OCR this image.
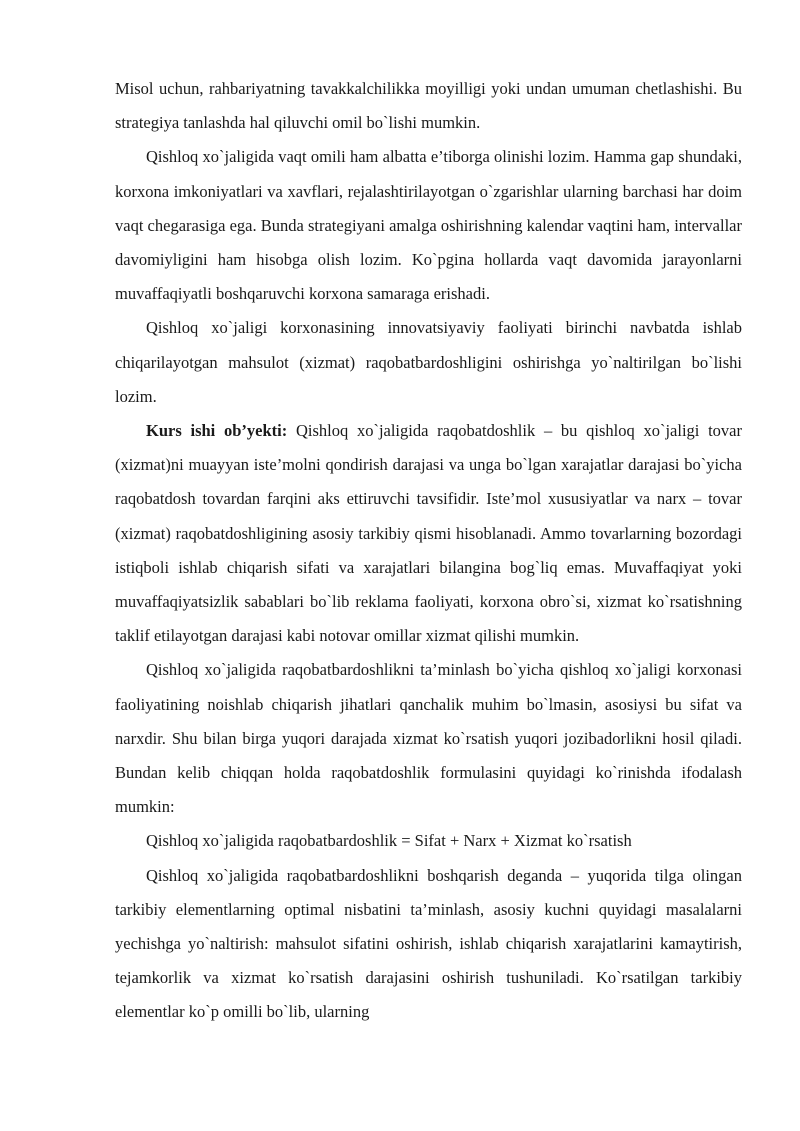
Misol uchun, rahbariyatning tavakkalchilikka moyilligi yoki undan umuman chetlashishi. Bu strategiya tanlashda hal qiluvchi omil bo`lishi mumkin.

Qishloq xo`jaligida vaqt omili ham albatta e’tiborga olinishi lozim. Hamma gap shundaki, korxona imkoniyatlari va xavflari, rejalashtirilayotgan o`zgarishlar ularning barchasi har doim vaqt chegarasiga ega. Bunda strategiyani amalga oshirishning kalendar vaqtini ham, intervallar davomiyligini ham hisobga olish lozim. Ko`pgina hollarda vaqt davomida jarayonlarni muvaffaqiyatli boshqaruvchi korxona samaraga erishadi.

Qishloq xo`jaligi korxonasining innovatsiyaviy faoliyati birinchi navbatda ishlab chiqarilayotgan mahsulot (xizmat) raqobatbardoshligini oshirishga yo`naltirilgan bo`lishi lozim.

Kurs ishi ob’yekti: Qishloq xo`jaligida raqobatdoshlik – bu qishloq xo`jaligi tovar (xizmat)ni muayyan iste’molni qondirish darajasi va unga bo`lgan xarajatlar darajasi bo`yicha raqobatdosh tovardan farqini aks ettiruvchi tavsifidir. Iste’mol xususiyatlar va narx – tovar (xizmat) raqobatdoshligining asosiy tarkibiy qismi hisoblanadi. Ammo tovarlarning bozordagi istiqboli ishlab chiqarish sifati va xarajatlari bilangina bog`liq emas. Muvaffaqiyat yoki muvaffaqiyatsizlik sabablari bo`lib reklama faoliyati, korxona obro`si, xizmat ko`rsatishning taklif etilayotgan darajasi kabi notovar omillar xizmat qilishi mumkin.

Qishloq xo`jaligida raqobatbardoshlikni ta’minlash bo`yicha qishloq xo`jaligi korxonasi faoliyatining noishlab chiqarish jihatlari qanchalik muhim bo`lmasin, asosiysi bu sifat va narxdir. Shu bilan birga yuqori darajada xizmat ko`rsatish yuqori jozibadorlikni hosil qiladi. Bundan kelib chiqqan holda raqobatdoshlik formulasini quyidagi ko`rinishda ifodalash mumkin:

Qishloq xo`jaligida raqobatbardoshlik = Sifat + Narx + Xizmat ko`rsatish

Qishloq xo`jaligida raqobatbardoshlikni boshqarish deganda – yuqorida tilga olingan tarkibiy elementlarning optimal nisbatini ta’minlash, asosiy kuchni quyidagi masalalarni yechishga yo`naltirish: mahsulot sifatini oshirish, ishlab chiqarish xarajatlarini kamaytirish, tejamkorlik va xizmat ko`rsatish darajasini oshirish tushuniladi. Ko`rsatilgan tarkibiy elementlar ko`p omilli bo`lib, ularning
